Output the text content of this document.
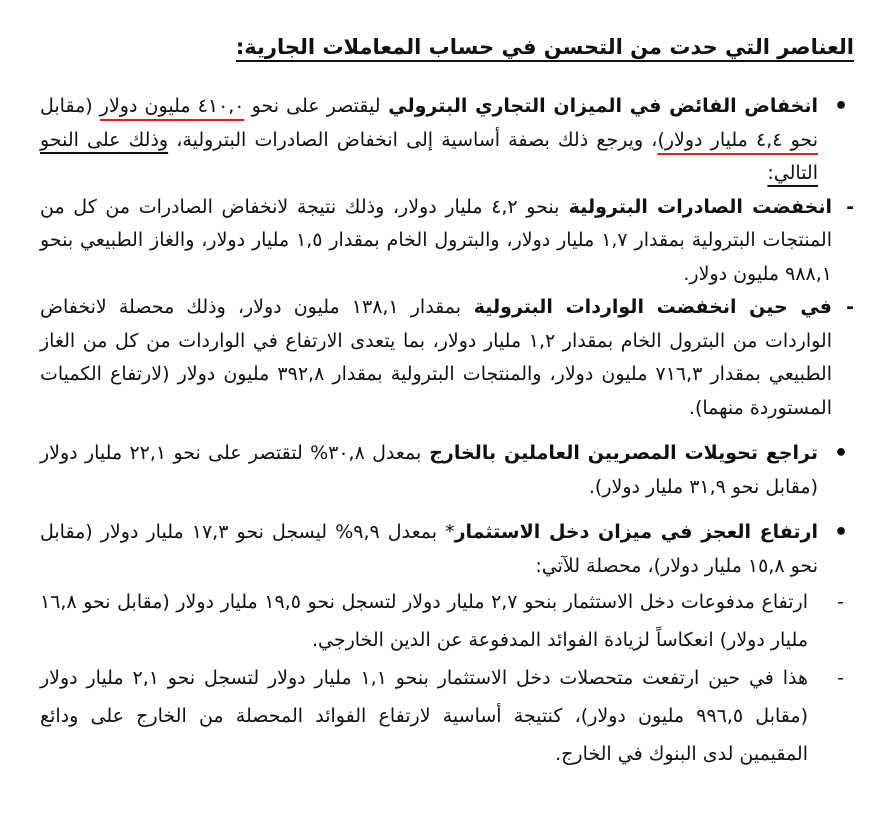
العناصر التي حدت من التحسن في حساب المعاملات الجارية:

•
انخفاض الفائض في الميزان التجاري البترولي ليقتصر على نحو ٤١٠,٠ مليون دولار (مقابل نحو ٤,٤ مليار دولار)، ويرجع ذلك بصفة أساسية إلى انخفاض الصادرات البترولية، وذلك على النحو التالي:

-
انخفضت الصادرات البترولية بنحو ٤,٢ مليار دولار، وذلك نتيجة لانخفاض الصادرات من كل من المنتجات البترولية بمقدار ١,٧ مليار دولار، والبترول الخام بمقدار ١,٥ مليار دولار، والغاز الطبيعي بنحو ٩٨٨,١ مليون دولار.

-
في حين انخفضت الواردات البترولية بمقدار ١٣٨,١ مليون دولار، وذلك محصلة لانخفاض الواردات من البترول الخام بمقدار ١,٢ مليار دولار، بما يتعدى الارتفاع في الواردات من كل من الغاز الطبيعي بمقدار ٧١٦,٣ مليون دولار، والمنتجات البترولية بمقدار ٣٩٢,٨ مليون دولار (لارتفاع الكميات المستوردة منهما).

•
تراجع تحويلات المصريين العاملين بالخارج بمعدل ٣٠,٨% لتقتصر على نحو ٢٢,١ مليار دولار (مقابل نحو ٣١,٩ مليار دولار).

•
ارتفاع العجز في ميزان دخل الاستثمار* بمعدل ٩,٩% ليسجل نحو ١٧,٣ مليار دولار (مقابل نحو ١٥,٨ مليار دولار)، محصلة للآتي:

-
ارتفاع مدفوعات دخل الاستثمار بنحو ٢,٧ مليار دولار لتسجل نحو ١٩,٥ مليار دولار (مقابل نحو ١٦,٨ مليار دولار) انعكاساً لزيادة الفوائد المدفوعة عن الدين الخارجي.

-
هذا في حين ارتفعت متحصلات دخل الاستثمار بنحو ١,١ مليار دولار لتسجل نحو ٢,١ مليار دولار (مقابل ٩٩٦,٥ مليون دولار)، كنتيجة أساسية لارتفاع الفوائد المحصلة من الخارج على ودائع المقيمين لدى البنوك في الخارج.
